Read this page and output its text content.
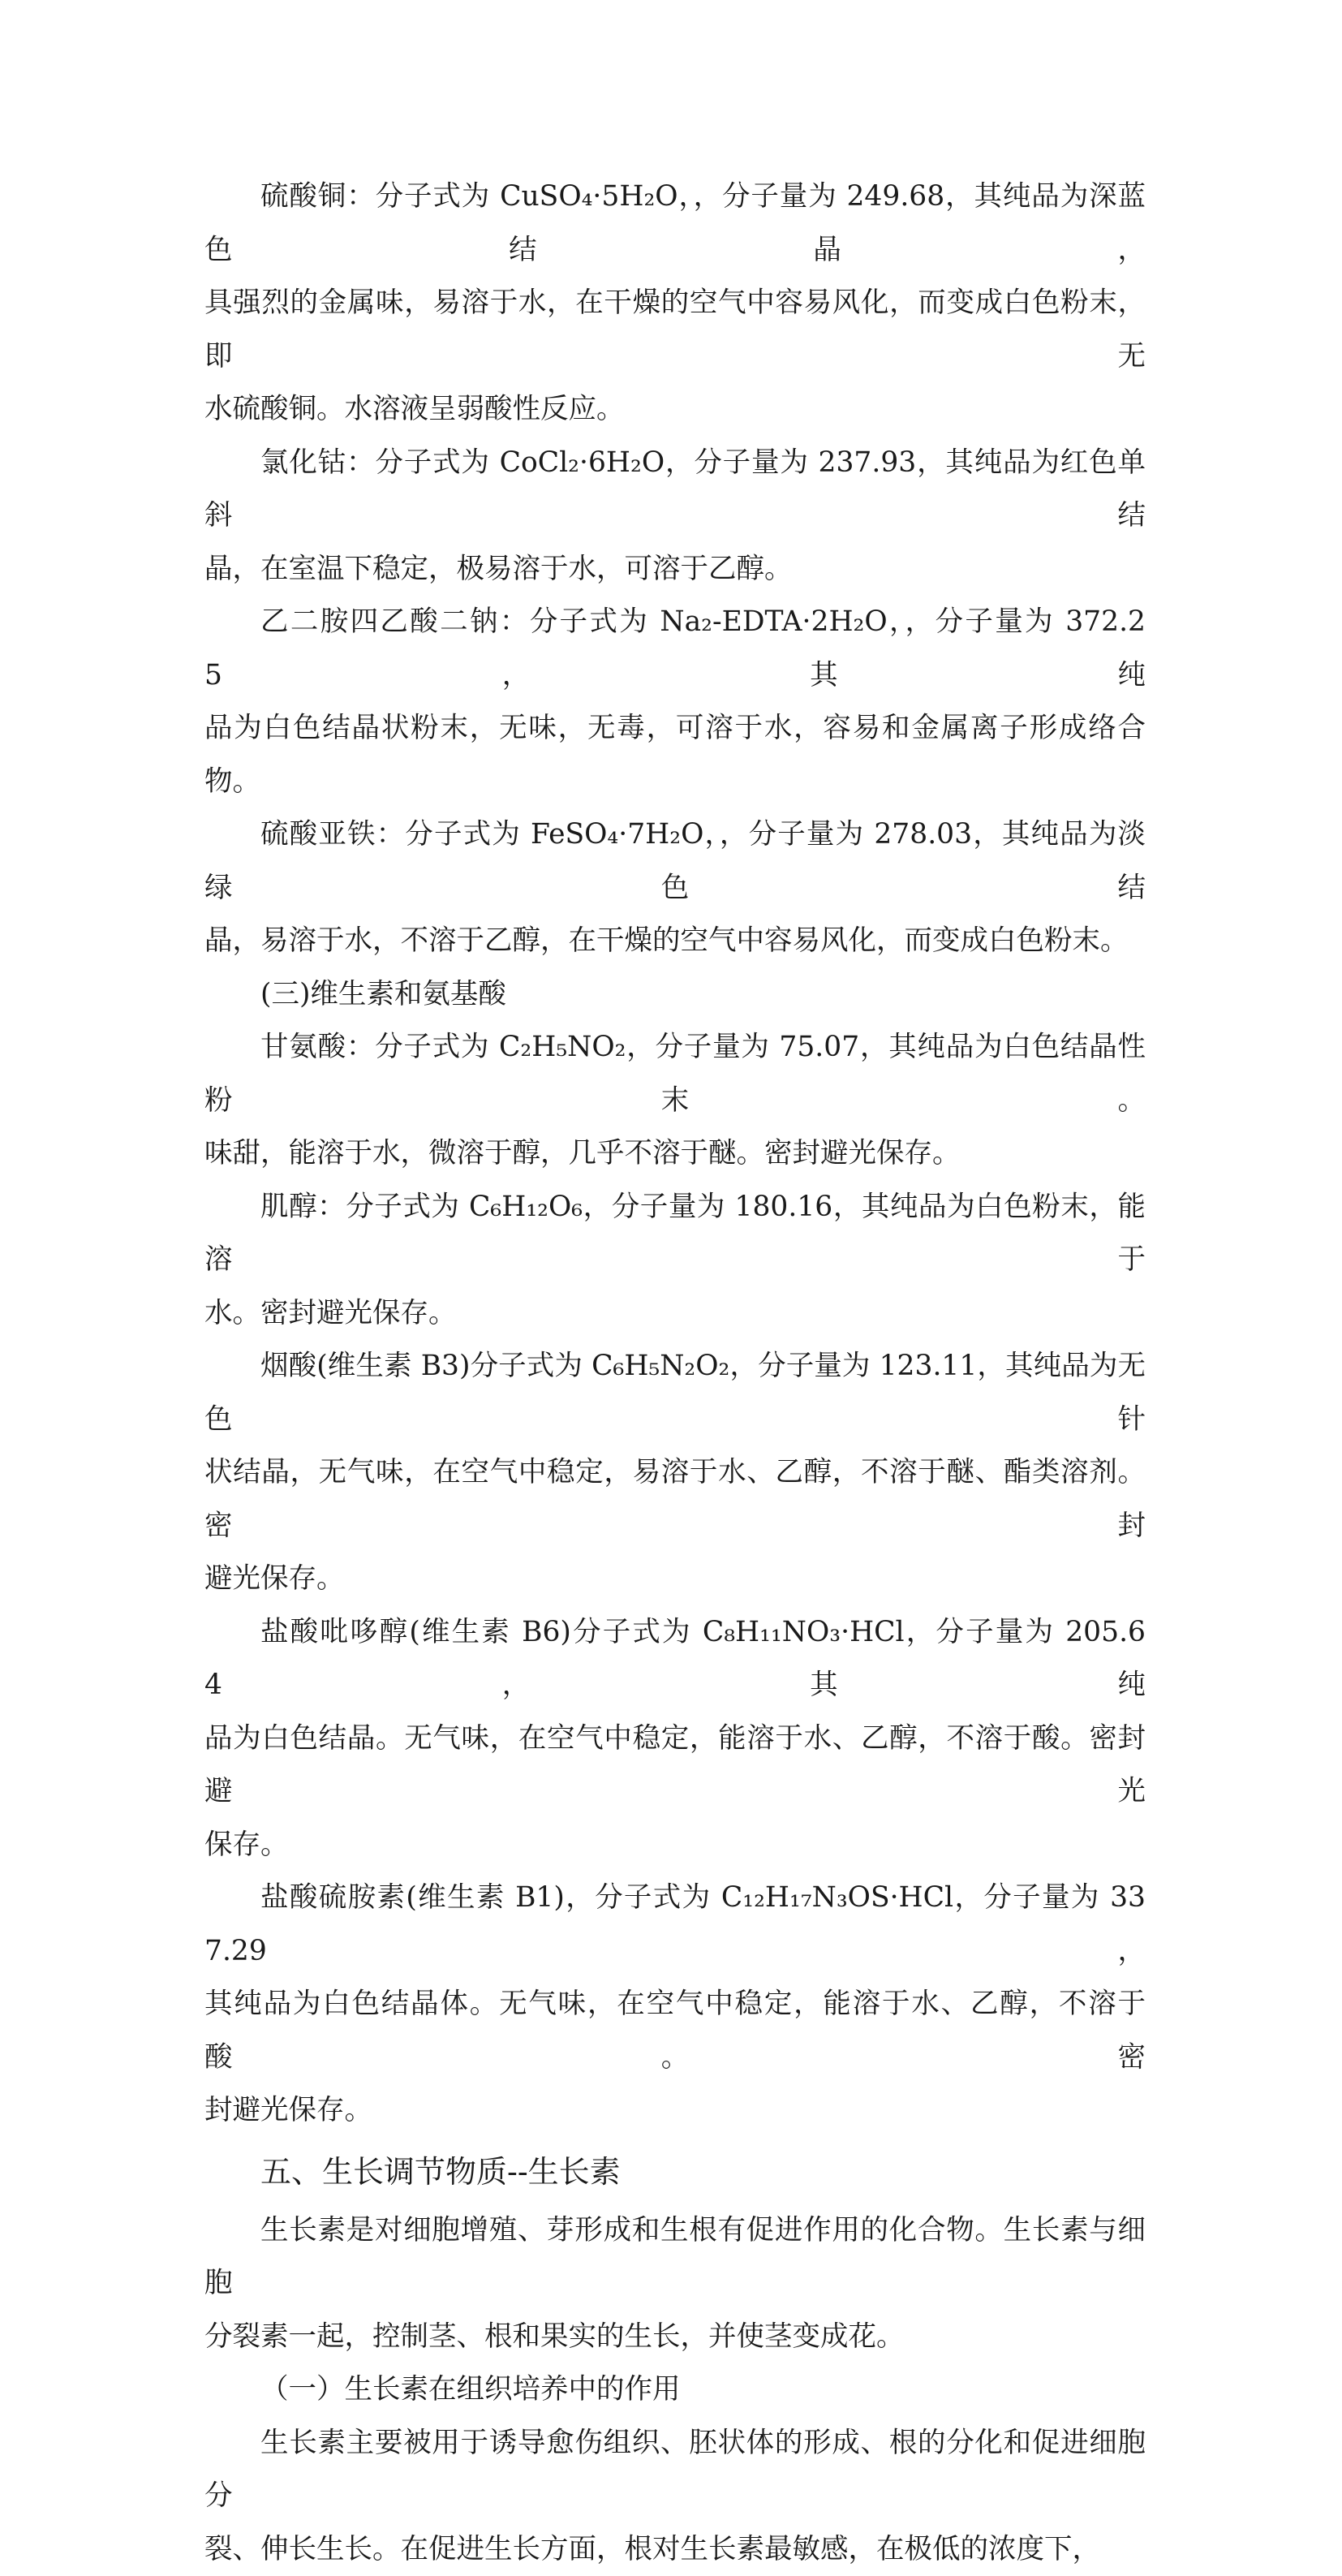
硫酸铜：分子式为 CuSO₄·5H₂O，，分子量为 249.68，其纯品为深蓝色结晶，
具强烈的金属味，易溶于水，在干燥的空气中容易风化，而变成白色粉末，即无
水硫酸铜。水溶液呈弱酸性反应。
氯化钴：分子式为 CoCl₂·6H₂O，分子量为 237.93，其纯品为红色单斜结
晶，在室温下稳定，极易溶于水，可溶于乙醇。
乙二胺四乙酸二钠：分子式为 Na₂-EDTA·2H₂O，，分子量为 372.25，其纯
品为白色结晶状粉末，无味，无毒，可溶于水，容易和金属离子形成络合物。
硫酸亚铁：分子式为 FeSO₄·7H₂O，，分子量为 278.03，其纯品为淡绿色结
晶，易溶于水，不溶于乙醇，在干燥的空气中容易风化，而变成白色粉末。
(三)维生素和氨基酸
甘氨酸：分子式为 C₂H₅NO₂，分子量为 75.07，其纯品为白色结晶性粉末。
味甜，能溶于水，微溶于醇，几乎不溶于醚。密封避光保存。
肌醇：分子式为 C₆H₁₂O₆，分子量为 180.16，其纯品为白色粉末，能溶于
水。密封避光保存。
烟酸(维生素 B3)分子式为 C₆H₅N₂O₂，分子量为 123.11，其纯品为无色针
状结晶，无气味，在空气中稳定，易溶于水、乙醇，不溶于醚、酯类溶剂。密封
避光保存。
盐酸吡哆醇(维生素 B6)分子式为 C₈H₁₁NO₃·HCl，分子量为 205.64，其纯
品为白色结晶。无气味，在空气中稳定，能溶于水、乙醇，不溶于酸。密封避光
保存。
盐酸硫胺素(维生素 B1)，分子式为 C₁₂H₁₇N₃OS·HCl，分子量为 337.29，
其纯品为白色结晶体。无气味，在空气中稳定，能溶于水、乙醇，不溶于酸。密
封避光保存。
五、生长调节物质--生长素
生长素是对细胞增殖、芽形成和生根有促进作用的化合物。生长素与细胞
分裂素一起，控制茎、根和果实的生长，并使茎变成花。
（一）生长素在组织培养中的作用
生长素主要被用于诱导愈伤组织、胚状体的形成、根的分化和促进细胞分
裂、伸长生长。在促进生长方面，根对生长素最敏感，在极低的浓度下，
